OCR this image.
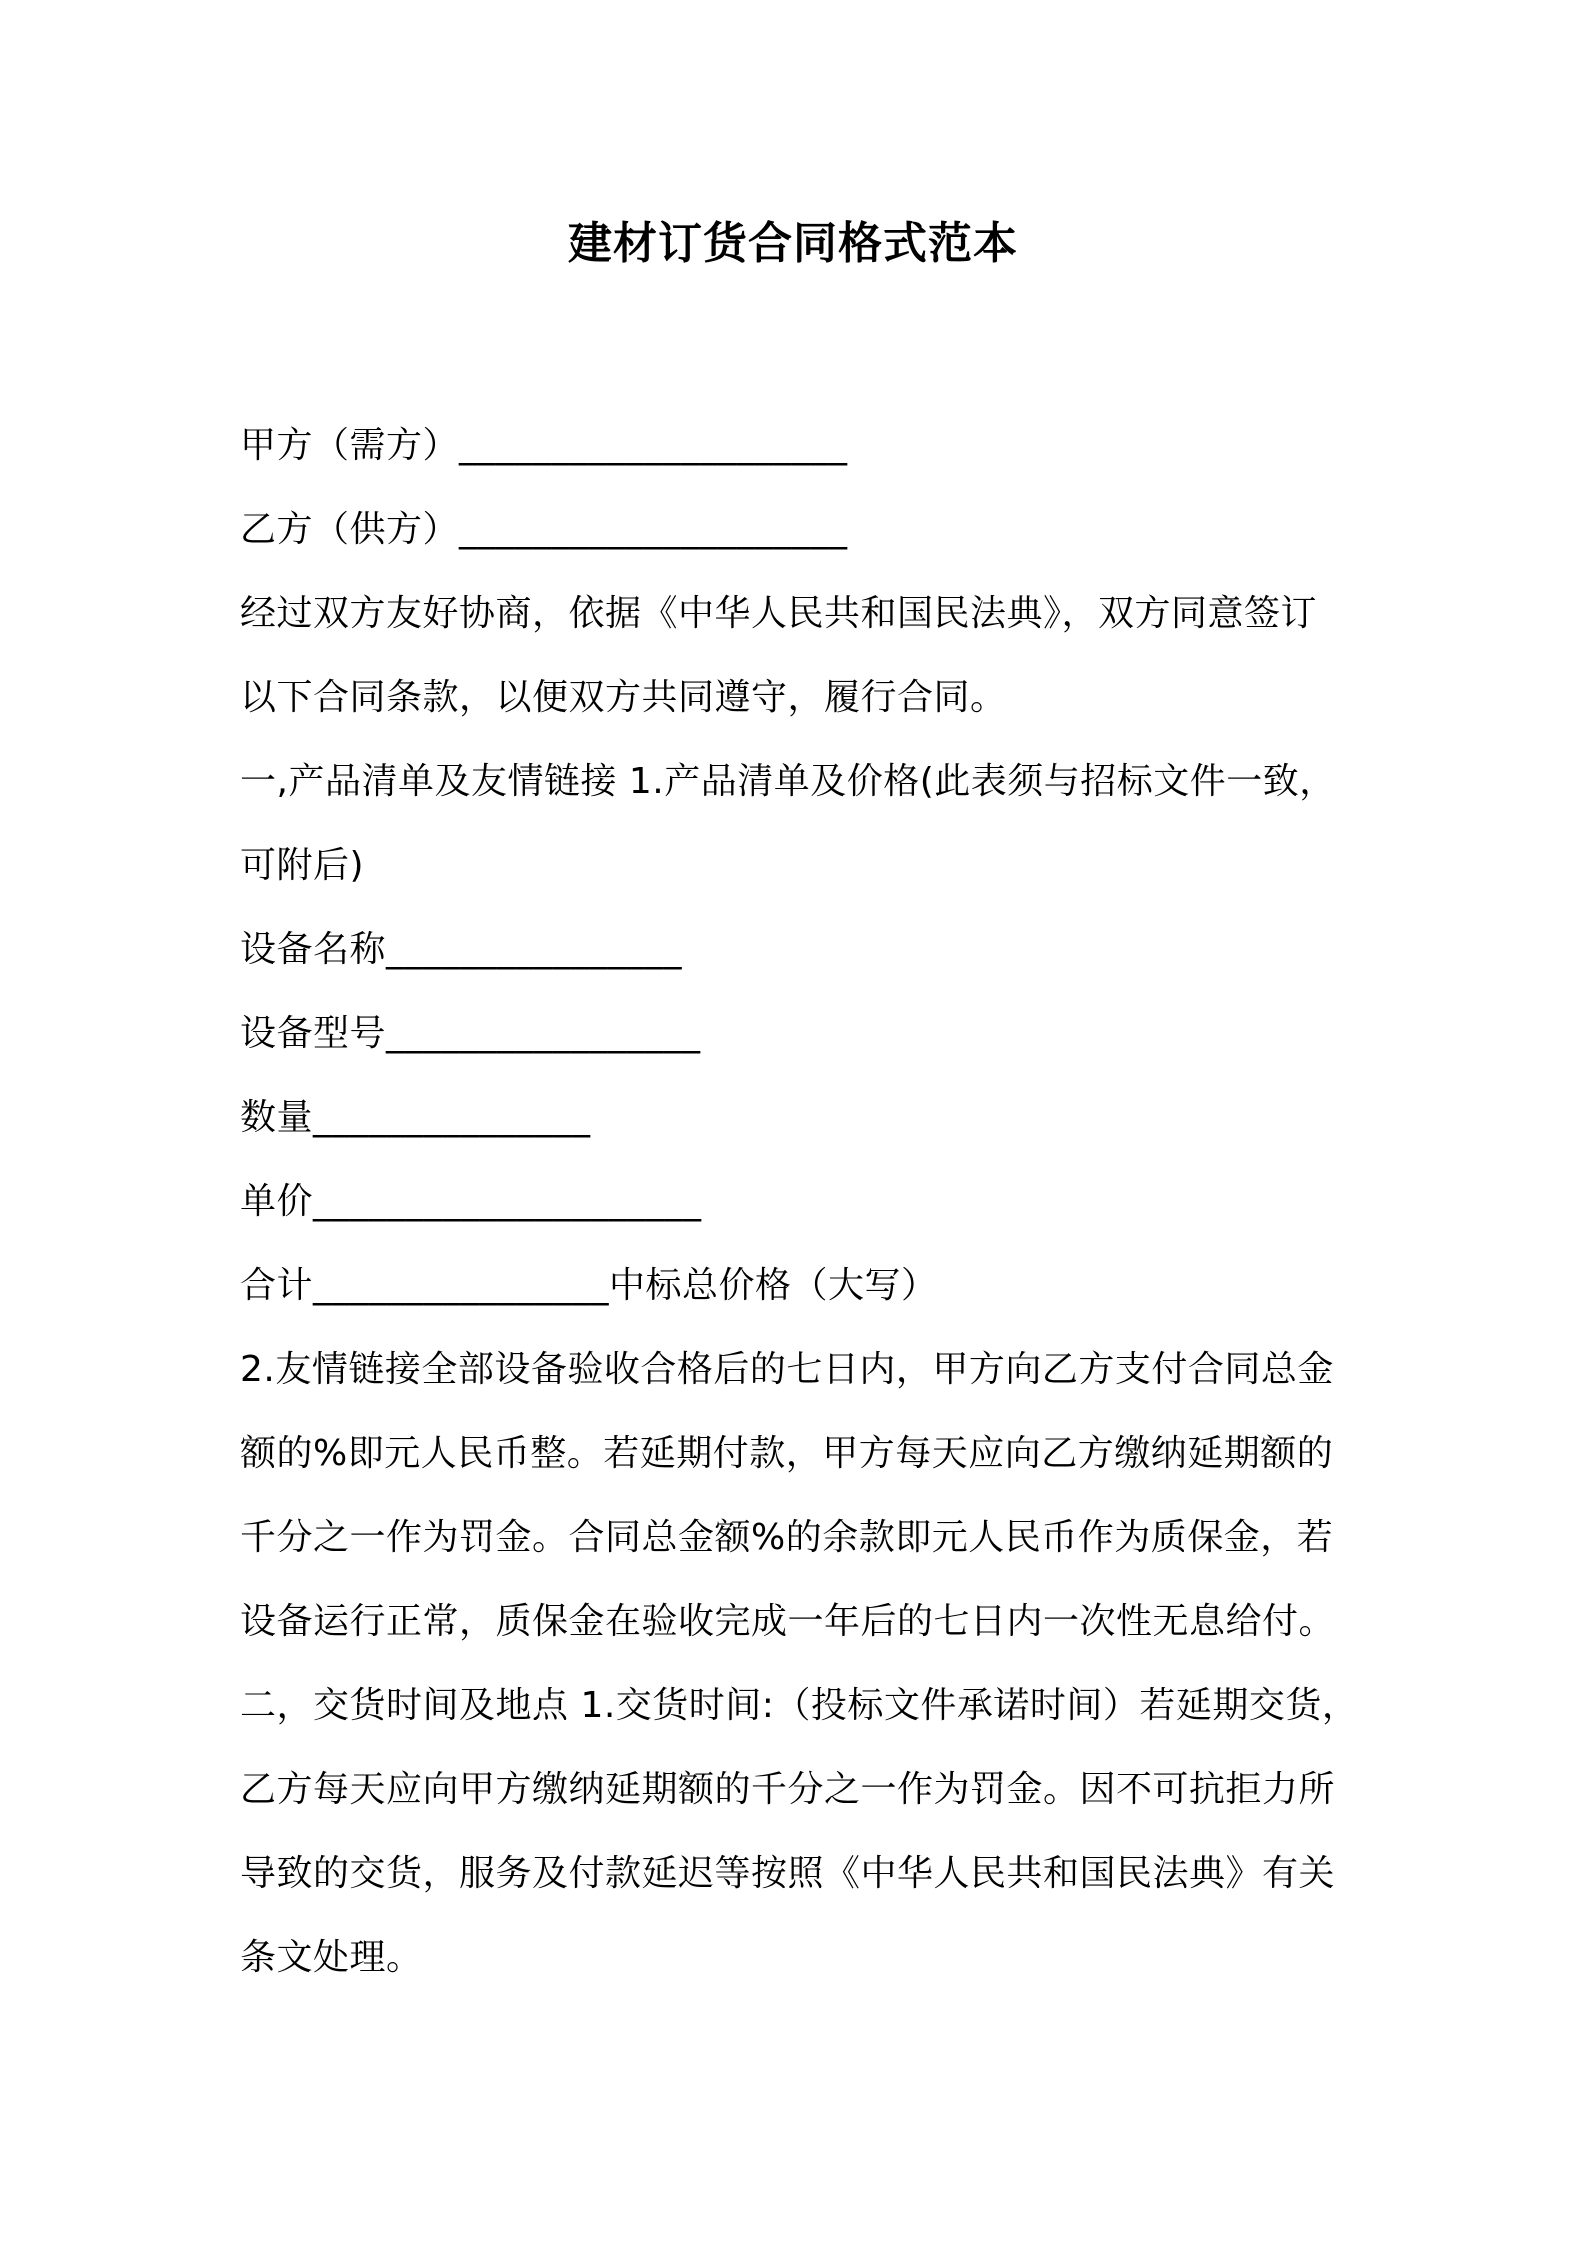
建材订货合同格式范本
甲方（需方）_____________________
乙方（供方）_____________________
经过双方友好协商，依据《中华人民共和国民法典》，双方同意签订
以下合同条款，以便双方共同遵守，履行合同。
一,产品清单及友情链接 1.产品清单及价格(此表须与招标文件一致，
可附后)
设备名称________________
设备型号_________________
数量_______________
单价_____________________
合计________________中标总价格（大写）
2.友情链接全部设备验收合格后的七日内，甲方向乙方支付合同总金
额的%即元人民币整。若延期付款，甲方每天应向乙方缴纳延期额的
千分之一作为罚金。合同总金额%的余款即元人民币作为质保金，若
设备运行正常，质保金在验收完成一年后的七日内一次性无息给付。
二，交货时间及地点 1.交货时间:（投标文件承诺时间）若延期交货，
乙方每天应向甲方缴纳延期额的千分之一作为罚金。因不可抗拒力所
导致的交货，服务及付款延迟等按照《中华人民共和国民法典》有关
条文处理。
